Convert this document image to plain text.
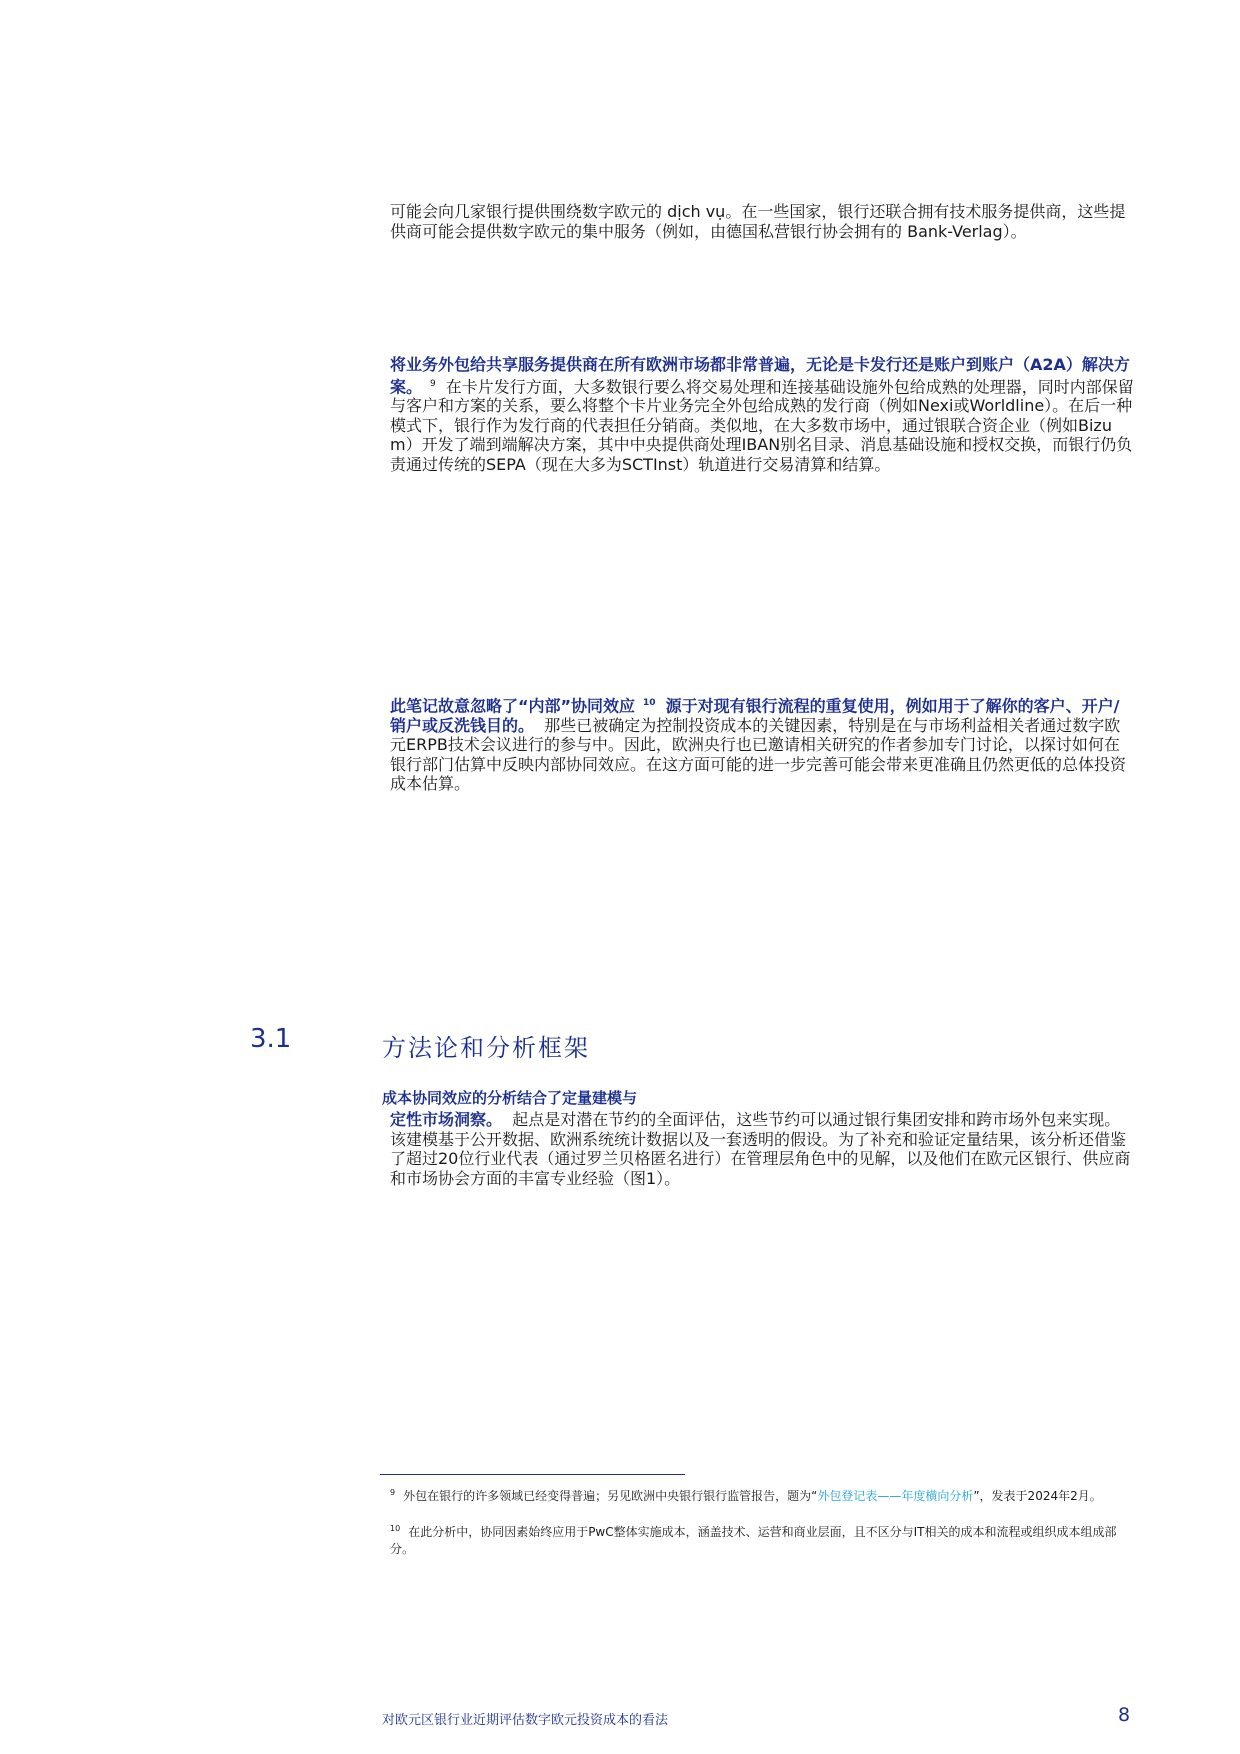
可能会向几家银行提供围绕数字欧元的 dịch vụ。在一些国家，银行还联合拥有技术服务提供商，这些提供商可能会提供数字欧元的集中服务（例如，由德国私营银行协会拥有的 Bank-Verlag）。

将业务外包给共享服务提供商在所有欧洲市场都非常普遍，无论是卡发行还是账户到账户（A2A）解决方案。 $^9$ 在卡片发行方面，大多数银行要么将交易处理和连接基础设施外包给成熟的处理器，同时内部保留与客户和方案的关系，要么将整个卡片业务完全外包给成熟的发行商（例如Nexi或Worldline）。在后一种模式下，银行作为发行商的代表担任分销商。类似地，在大多数市场中，通过银联合资企业（例如Bizum）开发了端到端解决方案，其中中央提供商处理IBAN别名目录、消息基础设施和授权交换，而银行仍负责通过传统的SEPA（现在大多为SCTInst）轨道进行交易清算和结算。

此笔记故意忽略了“内部”协同效应 $^{10}$ 源于对现有银行流程的重复使用，例如用于了解你的客户、开户/销户或反洗钱目的。 那些已被确定为控制投资成本的关键因素，特别是在与市场利益相关者通过数字欧元ERPB技术会议进行的参与中。因此，欧洲央行也已邀请相关研究的作者参加专门讨论，以探讨如何在银行部门估算中反映内部协同效应。在这方面可能的进一步完善可能会带来更准确且仍然更低的总体投资成本估算。

3.1	方法论和分析框架
成本协同效应的分析结合了定量建模与

定性市场洞察。 起点是对潜在节约的全面评估，这些节约可以通过银行集团安排和跨市场外包来实现。该建模基于公开数据、欧洲系统统计数据以及一套透明的假设。为了补充和验证定量结果，该分析还借鉴了超过20位行业代表（通过罗兰贝格匿名进行）在管理层角色中的见解，以及他们在欧元区银行、供应商和市场协会方面的丰富专业经验（图1）。

$^9$ 外包在银行的许多领域已经变得普遍；另见欧洲中央银行银行监管报告，题为“外包登记表——年度横向分析”，发表于2024年2月。
$^{10}$ 在此分析中，协同因素始终应用于PwC整体实施成本，涵盖技术、运营和商业层面，且不区分与IT相关的成本和流程或组织成本组成部分。
对欧元区银行业近期评估数字欧元投资成本的看法	8
